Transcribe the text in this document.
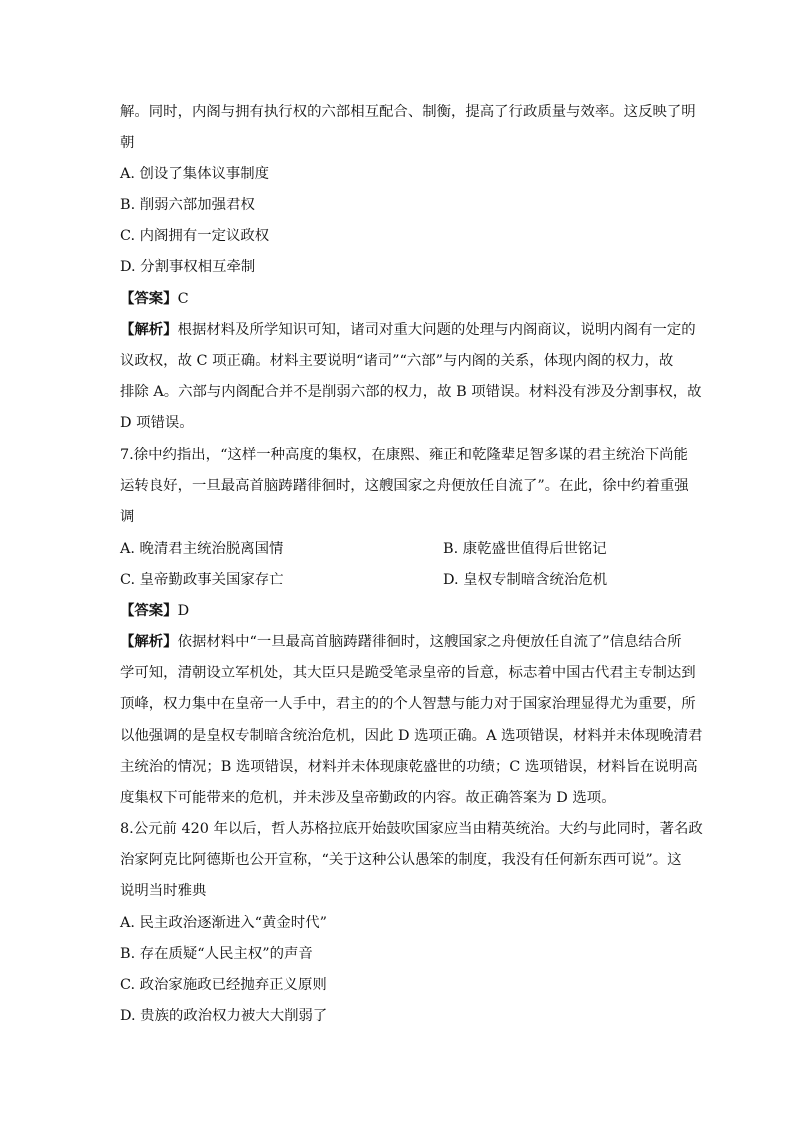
解。同时，内阁与拥有执行权的六部相互配合、制衡，提高了行政质量与效率。这反映了明
朝
A. 创设了集体议事制度
B. 削弱六部加强君权
C. 内阁拥有一定议政权
D. 分割事权相互牵制
【答案】C
【解析】根据材料及所学知识可知，诸司对重大问题的处理与内阁商议，说明内阁有一定的
议政权，故 C 项正确。材料主要说明“诸司”“六部”与内阁的关系，体现内阁的权力，故
排除 A。六部与内阁配合并不是削弱六部的权力，故 B 项错误。材料没有涉及分割事权，故
D 项错误。
7.徐中约指出，“这样一种高度的集权，在康熙、雍正和乾隆辈足智多谋的君主统治下尚能
运转良好，一旦最高首脑踌躇徘徊时，这艘国家之舟便放任自流了”。在此，徐中约着重强
调
A. 晚清君主统治脱离国情	B. 康乾盛世值得后世铭记
C. 皇帝勤政事关国家存亡	D. 皇权专制暗含统治危机
【答案】D
【解析】依据材料中“一旦最高首脑踌躇徘徊时，这艘国家之舟便放任自流了”信息结合所
学可知，清朝设立军机处，其大臣只是跪受笔录皇帝的旨意，标志着中国古代君主专制达到
顶峰，权力集中在皇帝一人手中，君主的的个人智慧与能力对于国家治理显得尤为重要，所
以他强调的是皇权专制暗含统治危机，因此 D 选项正确。A 选项错误，材料并未体现晚清君
主统治的情况；B 选项错误，材料并未体现康乾盛世的功绩；C 选项错误，材料旨在说明高
度集权下可能带来的危机，并未涉及皇帝勤政的内容。故正确答案为 D 选项。
8.公元前 420 年以后，哲人苏格拉底开始鼓吹国家应当由精英统治。大约与此同时，著名政
治家阿克比阿德斯也公开宣称，“关于这种公认愚笨的制度，我没有任何新东西可说”。这
说明当时雅典
A. 民主政治逐渐进入“黄金时代”
B. 存在质疑“人民主权”的声音
C. 政治家施政已经抛弃正义原则
D. 贵族的政治权力被大大削弱了
